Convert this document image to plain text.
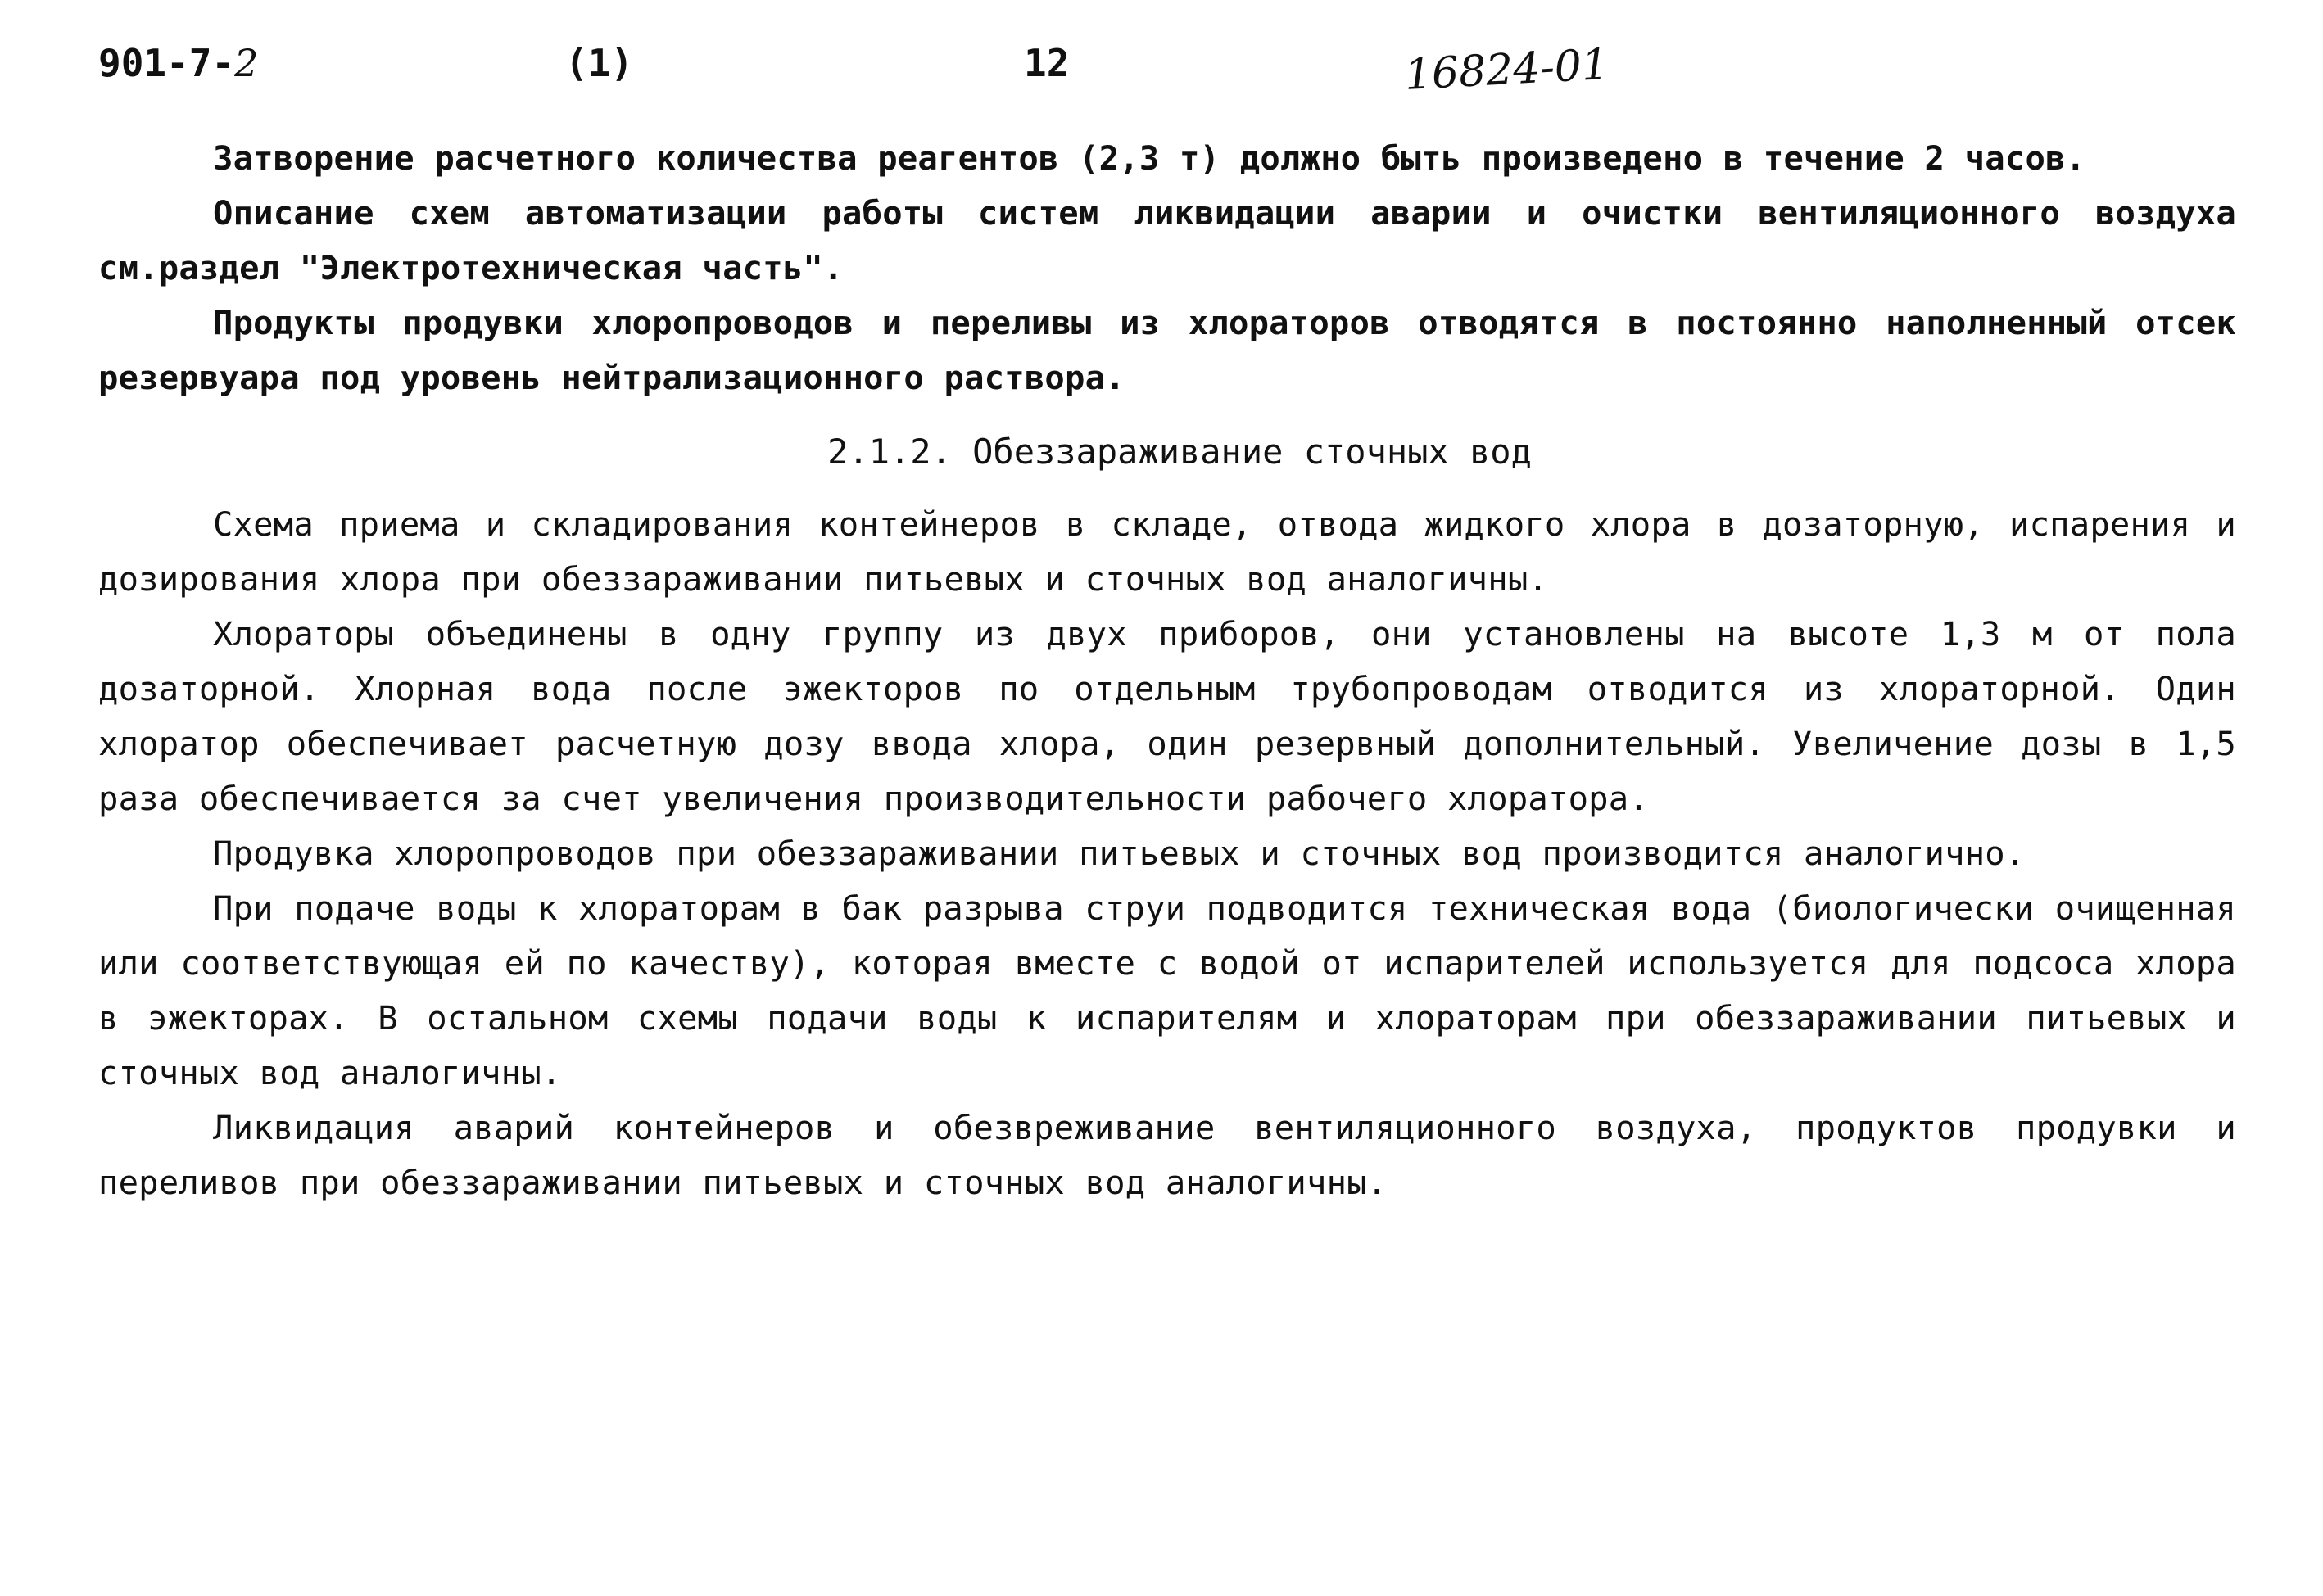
901-7-2	(1)	12	16824-01

Затворение расчетного количества реагентов (2,3 т) должно быть произведено в течение 2 часов.

Описание схем автоматизации работы систем ликвидации аварии и очистки вентиляционного воздуха см.раздел "Электротехническая часть".

Продукты продувки хлоропроводов и переливы из хлораторов отводятся в постоянно наполненный отсек резервуара под уровень нейтрализационного раствора.

2.1.2. Обеззараживание сточных вод

Схема приема и складирования контейнеров в складе, отвода жидкого хлора в дозаторную, испарения и дозирования хлора при обеззараживании питьевых и сточных вод аналогичны.

Хлораторы объединены в одну группу из двух приборов, они установлены на высоте 1,3 м от пола дозаторной. Хлорная вода после эжекторов по отдельным трубопроводам отводится из хлораторной. Один хлоратор обеспечивает расчетную дозу ввода хлора, один резервный дополнительный. Увеличение дозы в 1,5 раза обеспечивается за счет увеличения производительности рабочего хлоратора.

Продувка хлоропроводов при обеззараживании питьевых и сточных вод производится аналогично.

При подаче воды к хлораторам в бак разрыва струи подводится техническая вода (биологически очищенная или соответствующая ей по качеству), которая вместе с водой от испарителей используется для подсоса хлора в эжекторах. В остальном схемы подачи воды к испарителям и хлораторам при обеззараживании питьевых и сточных вод аналогичны.

Ликвидация аварий контейнеров и обезвреживание вентиляционного воздуха, продуктов продувки и переливов при обеззараживании питьевых и сточных вод аналогичны.
